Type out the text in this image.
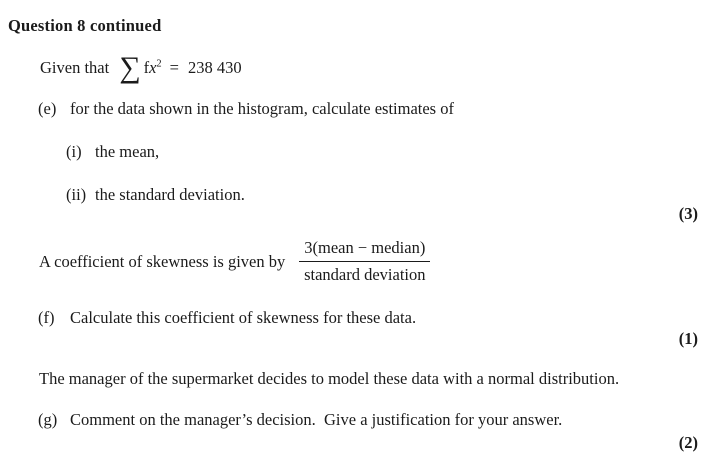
Question 8 continued
Given that ∑ $fx^2 = 238$ 430
(e) for the data shown in the histogram, calculate estimates of
(i) the mean,
(ii) the standard deviation.
(3)
A coefficient of skewness is given by $\frac{\text{3(mean − median)}}{\text{standard deviation}}$
(f) Calculate this coefficient of skewness for these data.
(1)
The manager of the supermarket decides to model these data with a normal distribution.
(g) Comment on the manager’s decision.  Give a justification for your answer.
(2)
